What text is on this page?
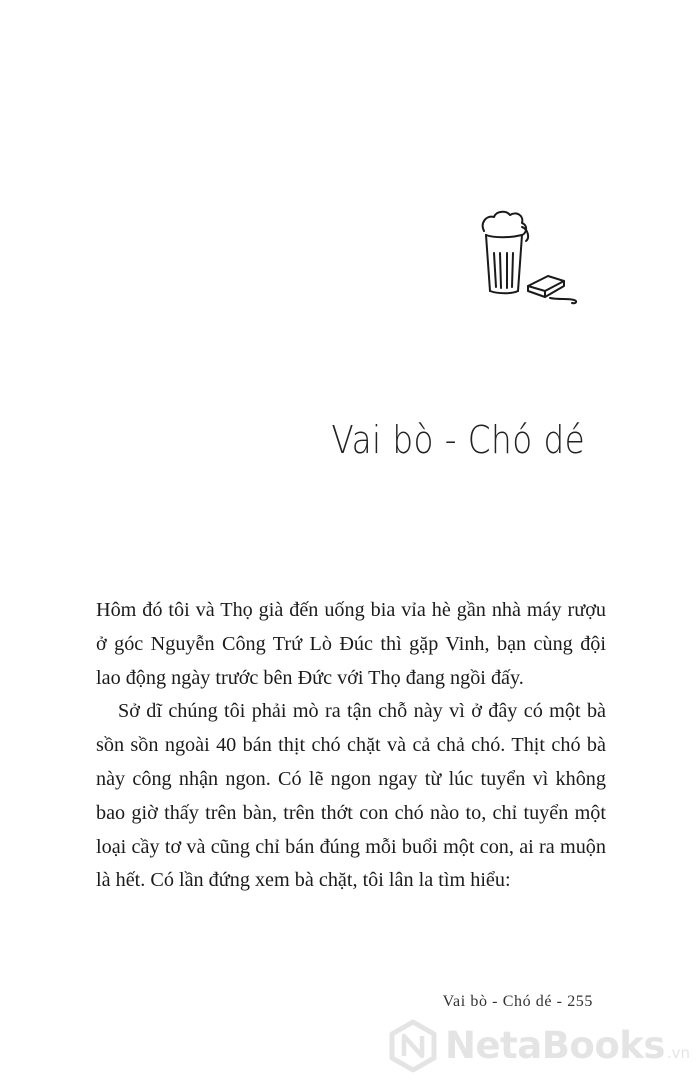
Vai bò - Chó dé

Hôm đó tôi và Thọ già đến uống bia vỉa hè gần nhà máy rượu ở góc Nguyễn Công Trứ Lò Đúc thì gặp Vinh, bạn cùng đội lao động ngày trước bên Đức với Thọ đang ngồi đấy.

Sở dĩ chúng tôi phải mò ra tận chỗ này vì ở đây có một bà sồn sồn ngoài 40 bán thịt chó chặt và cả chả chó. Thịt chó bà này công nhận ngon. Có lẽ ngon ngay từ lúc tuyển vì không bao giờ thấy trên bàn, trên thớt con chó nào to, chỉ tuyển một loại cầy tơ và cũng chỉ bán đúng mỗi buổi một con, ai ra muộn là hết. Có lần đứng xem bà chặt, tôi lân la tìm hiểu:

Vai bò - Chó dé - 255
NetaBooks .vn
